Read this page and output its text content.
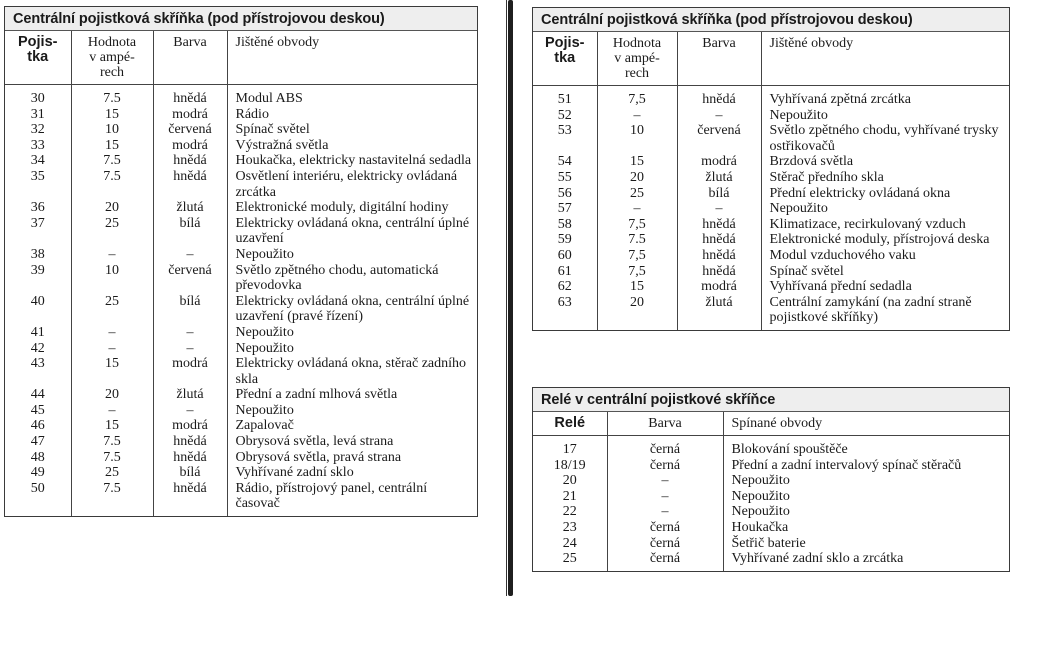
Centrální pojistková skříňka (pod přístrojovou deskou)
Pojis-
tka	Hodnota
v ampé-
rech	Barva	Jištěné obvody
30	7.5	hnědá	Modul ABS
31	15	modrá	Rádio
32	10	červená	Spínač světel
33	15	modrá	Výstražná světla
34	7.5	hnědá	Houkačka, elektricky nastavitelná sedadla
35	7.5	hnědá	Osvětlení interiéru, elektricky ovládaná zrcátka
36	20	žlutá	Elektronické moduly, digitální hodiny
37	25	bílá	Elektricky ovládaná okna, centrální úplné uzavření
38	–	–	Nepoužito
39	10	červená	Světlo zpětného chodu, automatická převodovka
40	25	bílá	Elektricky ovládaná okna, centrální úplné uzavření (pravé řízení)
41	–	–	Nepoužito
42	–	–	Nepoužito
43	15	modrá	Elektricky ovládaná okna, stěrač zadního skla
44	20	žlutá	Přední a zadní mlhová světla
45	–	–	Nepoužito
46	15	modrá	Zapalovač
47	7.5	hnědá	Obrysová světla, levá strana
48	7.5	hnědá	Obrysová světla, pravá strana
49	25	bílá	Vyhřívané zadní sklo
50	7.5	hnědá	Rádio, přístrojový panel, centrální časovač
Centrální pojistková skříňka (pod přístrojovou deskou)
Pojis-
tka	Hodnota
v ampé-
rech	Barva	Jištěné obvody
51	7,5	hnědá	Vyhřívaná zpětná zrcátka
52	–	–	Nepoužito
53	10	červená	Světlo zpětného chodu, vyhřívané trysky ostřikovačů
54	15	modrá	Brzdová světla
55	20	žlutá	Stěrač předního skla
56	25	bílá	Přední elektricky ovládaná okna
57	–	–	Nepoužito
58	7,5	hnědá	Klimatizace, recirkulovaný vzduch
59	7.5	hnědá	Elektronické moduly, přístrojová deska
60	7,5	hnědá	Modul vzduchového vaku
61	7,5	hnědá	Spínač světel
62	15	modrá	Vyhřívaná přední sedadla
63	20	žlutá	Centrální zamykání (na zadní straně pojistkové skříňky)
Relé v centrální pojistkové skříňce
Relé	Barva	Spínané obvody
17	černá	Blokování spouštěče
18/19	černá	Přední a zadní intervalový spínač stěračů
20	–	Nepoužito
21	–	Nepoužito
22	–	Nepoužito
23	černá	Houkačka
24	černá	Šetřič baterie
25	černá	Vyhřívané zadní sklo a zrcátka
